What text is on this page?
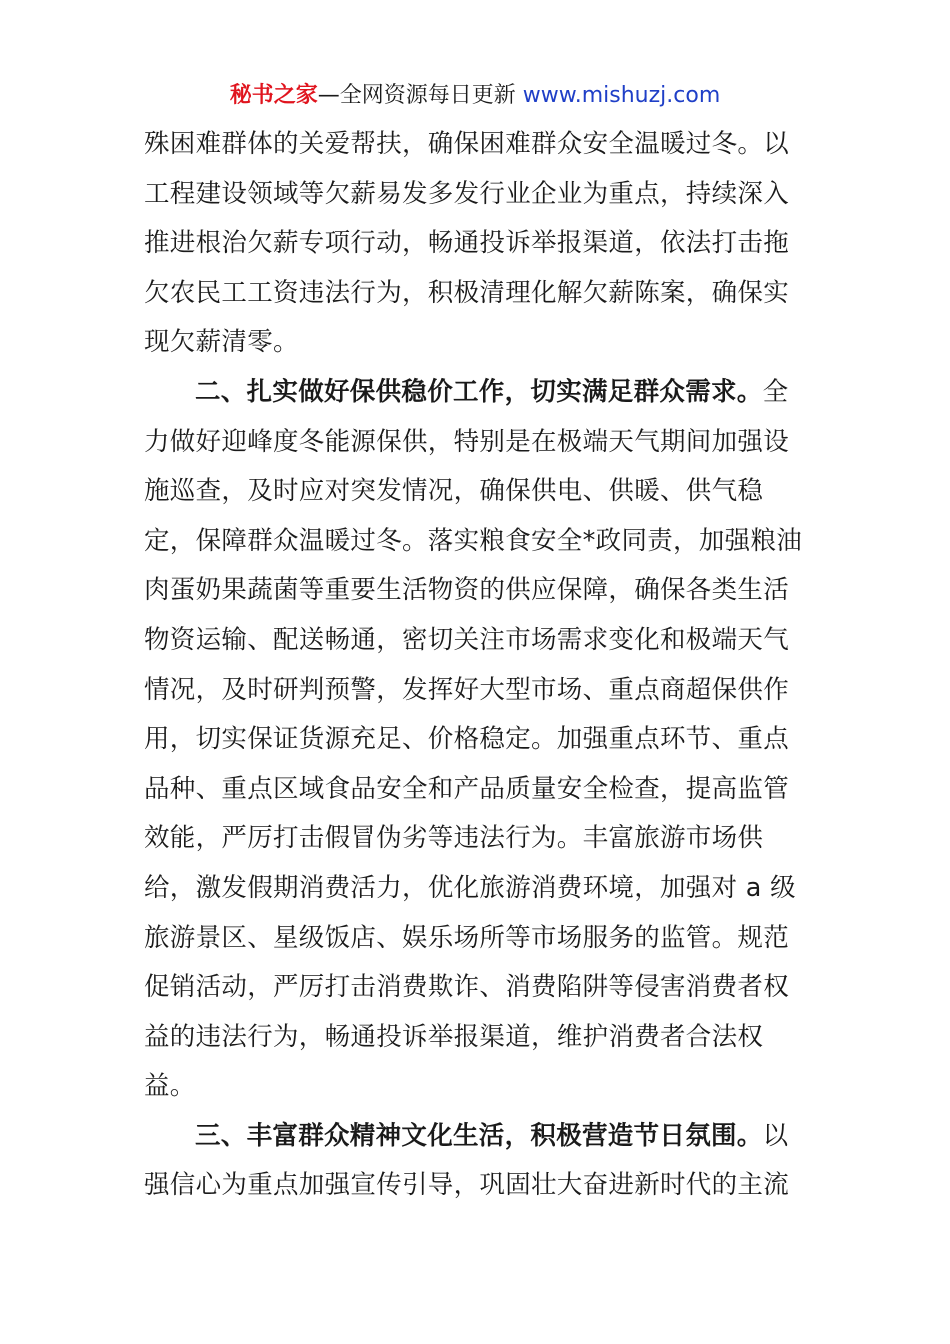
秘书之家—全网资源每日更新 www.mishuzj.com
殊困难群体的关爱帮扶，确保困难群众安全温暖过冬。以
工程建设领域等欠薪易发多发行业企业为重点，持续深入
推进根治欠薪专项行动，畅通投诉举报渠道，依法打击拖
欠农民工工资违法行为，积极清理化解欠薪陈案，确保实
现欠薪清零。
二、扎实做好保供稳价工作，切实满足群众需求。全
力做好迎峰度冬能源保供，特别是在极端天气期间加强设
施巡查，及时应对突发情况，确保供电、供暖、供气稳
定，保障群众温暖过冬。落实粮食安全*政同责，加强粮油
肉蛋奶果蔬菌等重要生活物资的供应保障，确保各类生活
物资运输、配送畅通，密切关注市场需求变化和极端天气
情况，及时研判预警，发挥好大型市场、重点商超保供作
用，切实保证货源充足、价格稳定。加强重点环节、重点
品种、重点区域食品安全和产品质量安全检查，提高监管
效能，严厉打击假冒伪劣等违法行为。丰富旅游市场供
给，激发假期消费活力，优化旅游消费环境，加强对 a 级
旅游景区、星级饭店、娱乐场所等市场服务的监管。规范
促销活动，严厉打击消费欺诈、消费陷阱等侵害消费者权
益的违法行为，畅通投诉举报渠道，维护消费者合法权
益。
三、丰富群众精神文化生活，积极营造节日氛围。以
强信心为重点加强宣传引导，巩固壮大奋进新时代的主流
